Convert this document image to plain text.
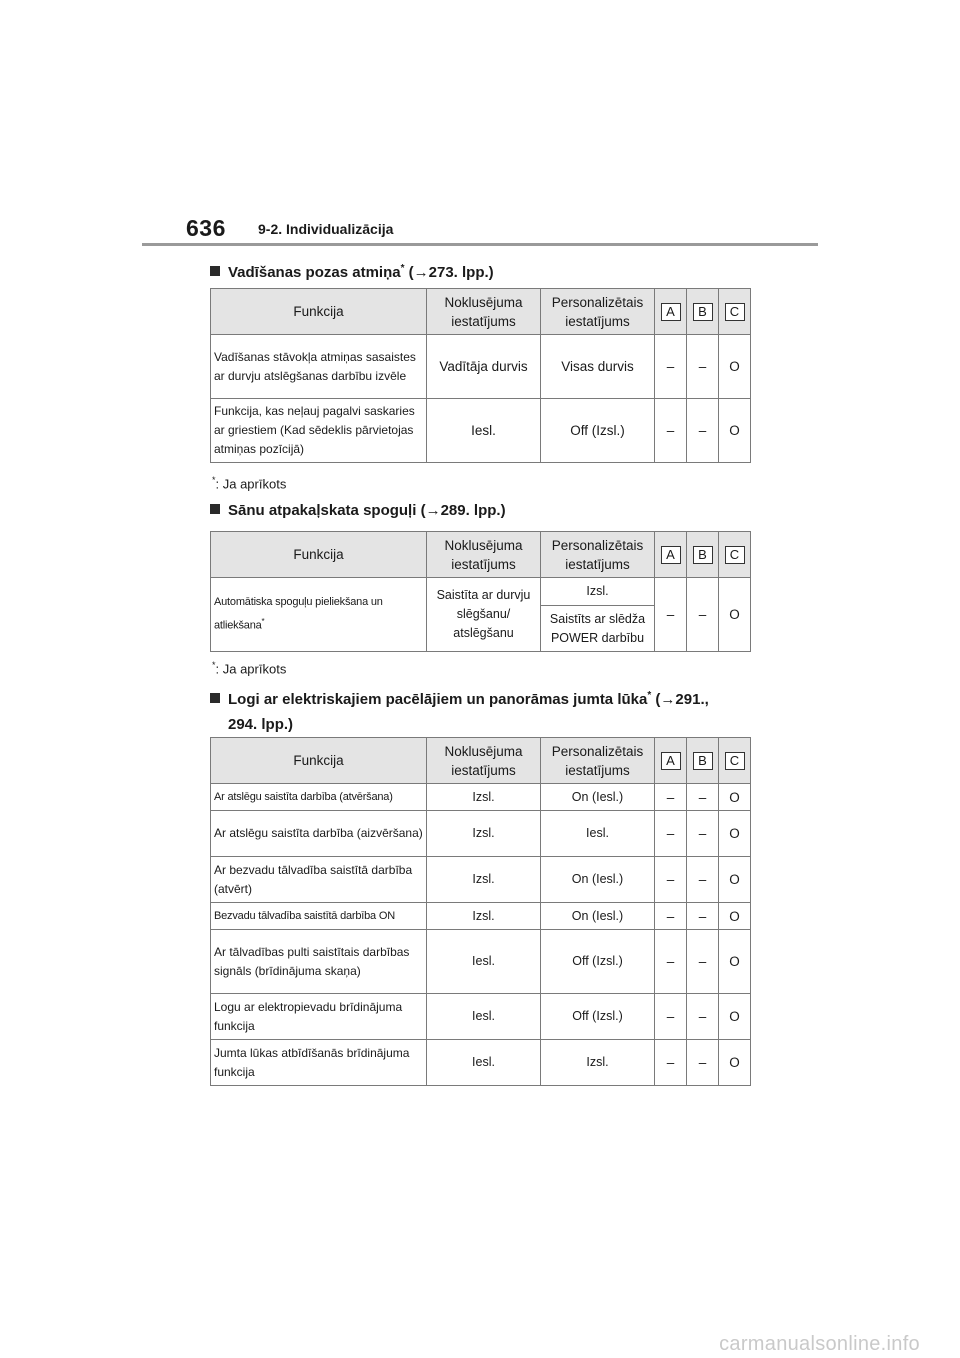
636 9-2. Individualizācija
Vadīšanas pozas atmiņa* (→273. lpp.)
Funkcija	Noklusējuma iestatījums	Personalizētais iestatījums	A	B	C
Vadīšanas stāvokļa atmiņas sasaistes ar durvju atslēgšanas darbību izvēle	Vadītāja durvis	Visas durvis	–	–	O
Funkcija, kas neļauj pagalvi saskaries ar griestiem (Kad sēdeklis pārvietojas atmiņas pozīcijā)	Iesl.	Off (Izsl.)	–	–	O
*: Ja aprīkots
Sānu atpakaļskata spoguļi (→289. lpp.)
Funkcija	Noklusējuma iestatījums	Personalizētais iestatījums	A	B	C
Automātiska spoguļu pieliekšana un atliekšana*	Saistīta ar durvju slēgšanu/ atslēgšanu	Izsl.	–	–	O
		Saistīts ar slēdža POWER darbību			
*: Ja aprīkots
Logi ar elektriskajiem pacēlājiem un panorāmas jumta lūka* (→291.,
294. lpp.)
Funkcija	Noklusējuma iestatījums	Personalizētais iestatījums	A	B	C
Ar atslēgu saistīta darbība (atvēršana)	Izsl.	On (Iesl.)	–	–	O
Ar atslēgu saistīta darbība (aizvēršana)	Izsl.	Iesl.	–	–	O
Ar bezvadu tālvadība saistītā darbība (atvērt)	Izsl.	On (Iesl.)	–	–	O
Bezvadu tālvadība saistītā darbība ON	Izsl.	On (Iesl.)	–	–	O
Ar tālvadības pulti saistītais darbības signāls (brīdinājuma skaņa)	Iesl.	Off (Izsl.)	–	–	O
Logu ar elektropievadu brīdinājuma funkcija	Iesl.	Off (Izsl.)	–	–	O
Jumta lūkas atbīdīšanās brīdinājuma funkcija	Iesl.	Izsl.	–	–	O
carmanualsonline.info
